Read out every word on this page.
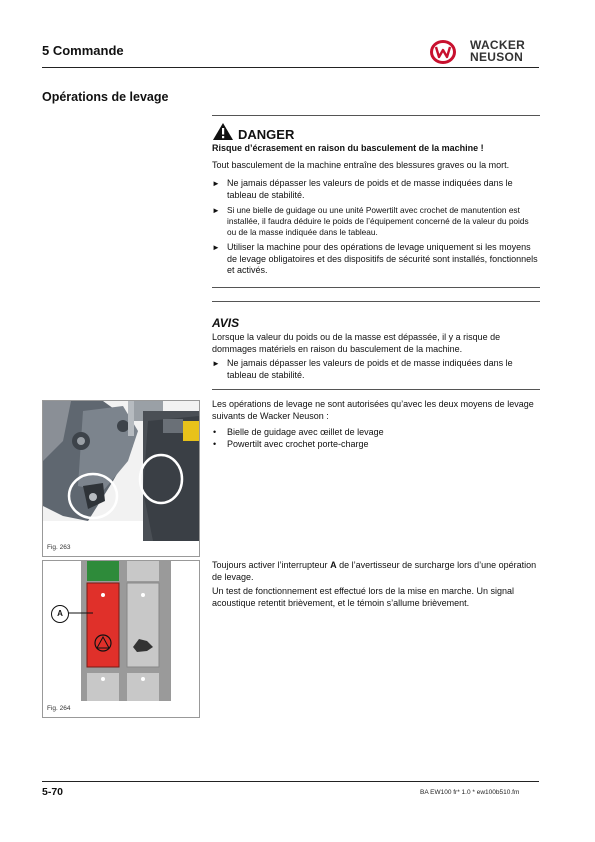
5 Commande	WACKER
NEUSON
Opérations de levage
DANGER
Risque d’écrasement en raison du basculement de la machine !
Tout basculement de la machine entraîne des blessures graves ou la mort.
► Ne jamais dépasser les valeurs de poids et de masse indiquées dans le tableau de stabilité.
► Si une bielle de guidage ou une unité Powertilt avec crochet de manutention est installée, il faudra déduire le poids de l’équipement concerné de la valeur du poids ou de la masse indiquée dans le tableau.
► Utiliser la machine pour des opérations de levage uniquement si les moyens de levage obligatoires et des dispositifs de sécurité sont installés, fonctionnels et activés.
AVIS
Lorsque la valeur du poids ou de la masse est dépassée, il y a risque de dommages matériels en raison du basculement de la machine.
► Ne jamais dépasser les valeurs de poids et de masse indiquées dans le tableau de stabilité.
Les opérations de levage ne sont autorisées qu’avec les deux moyens de levage suivants de Wacker Neuson :
• Bielle de guidage avec œillet de levage
• Powertilt avec crochet porte-charge
Fig. 263
A
Fig. 264
Toujours activer l’interrupteur A de l’avertisseur de surcharge lors d’une opération de levage.
Un test de fonctionnement est effectué lors de la mise en marche. Un signal acoustique retentit brièvement, et le témoin s’allume brièvement.
5-70	BA EW100 fr* 1.0 * ew100b510.fm
